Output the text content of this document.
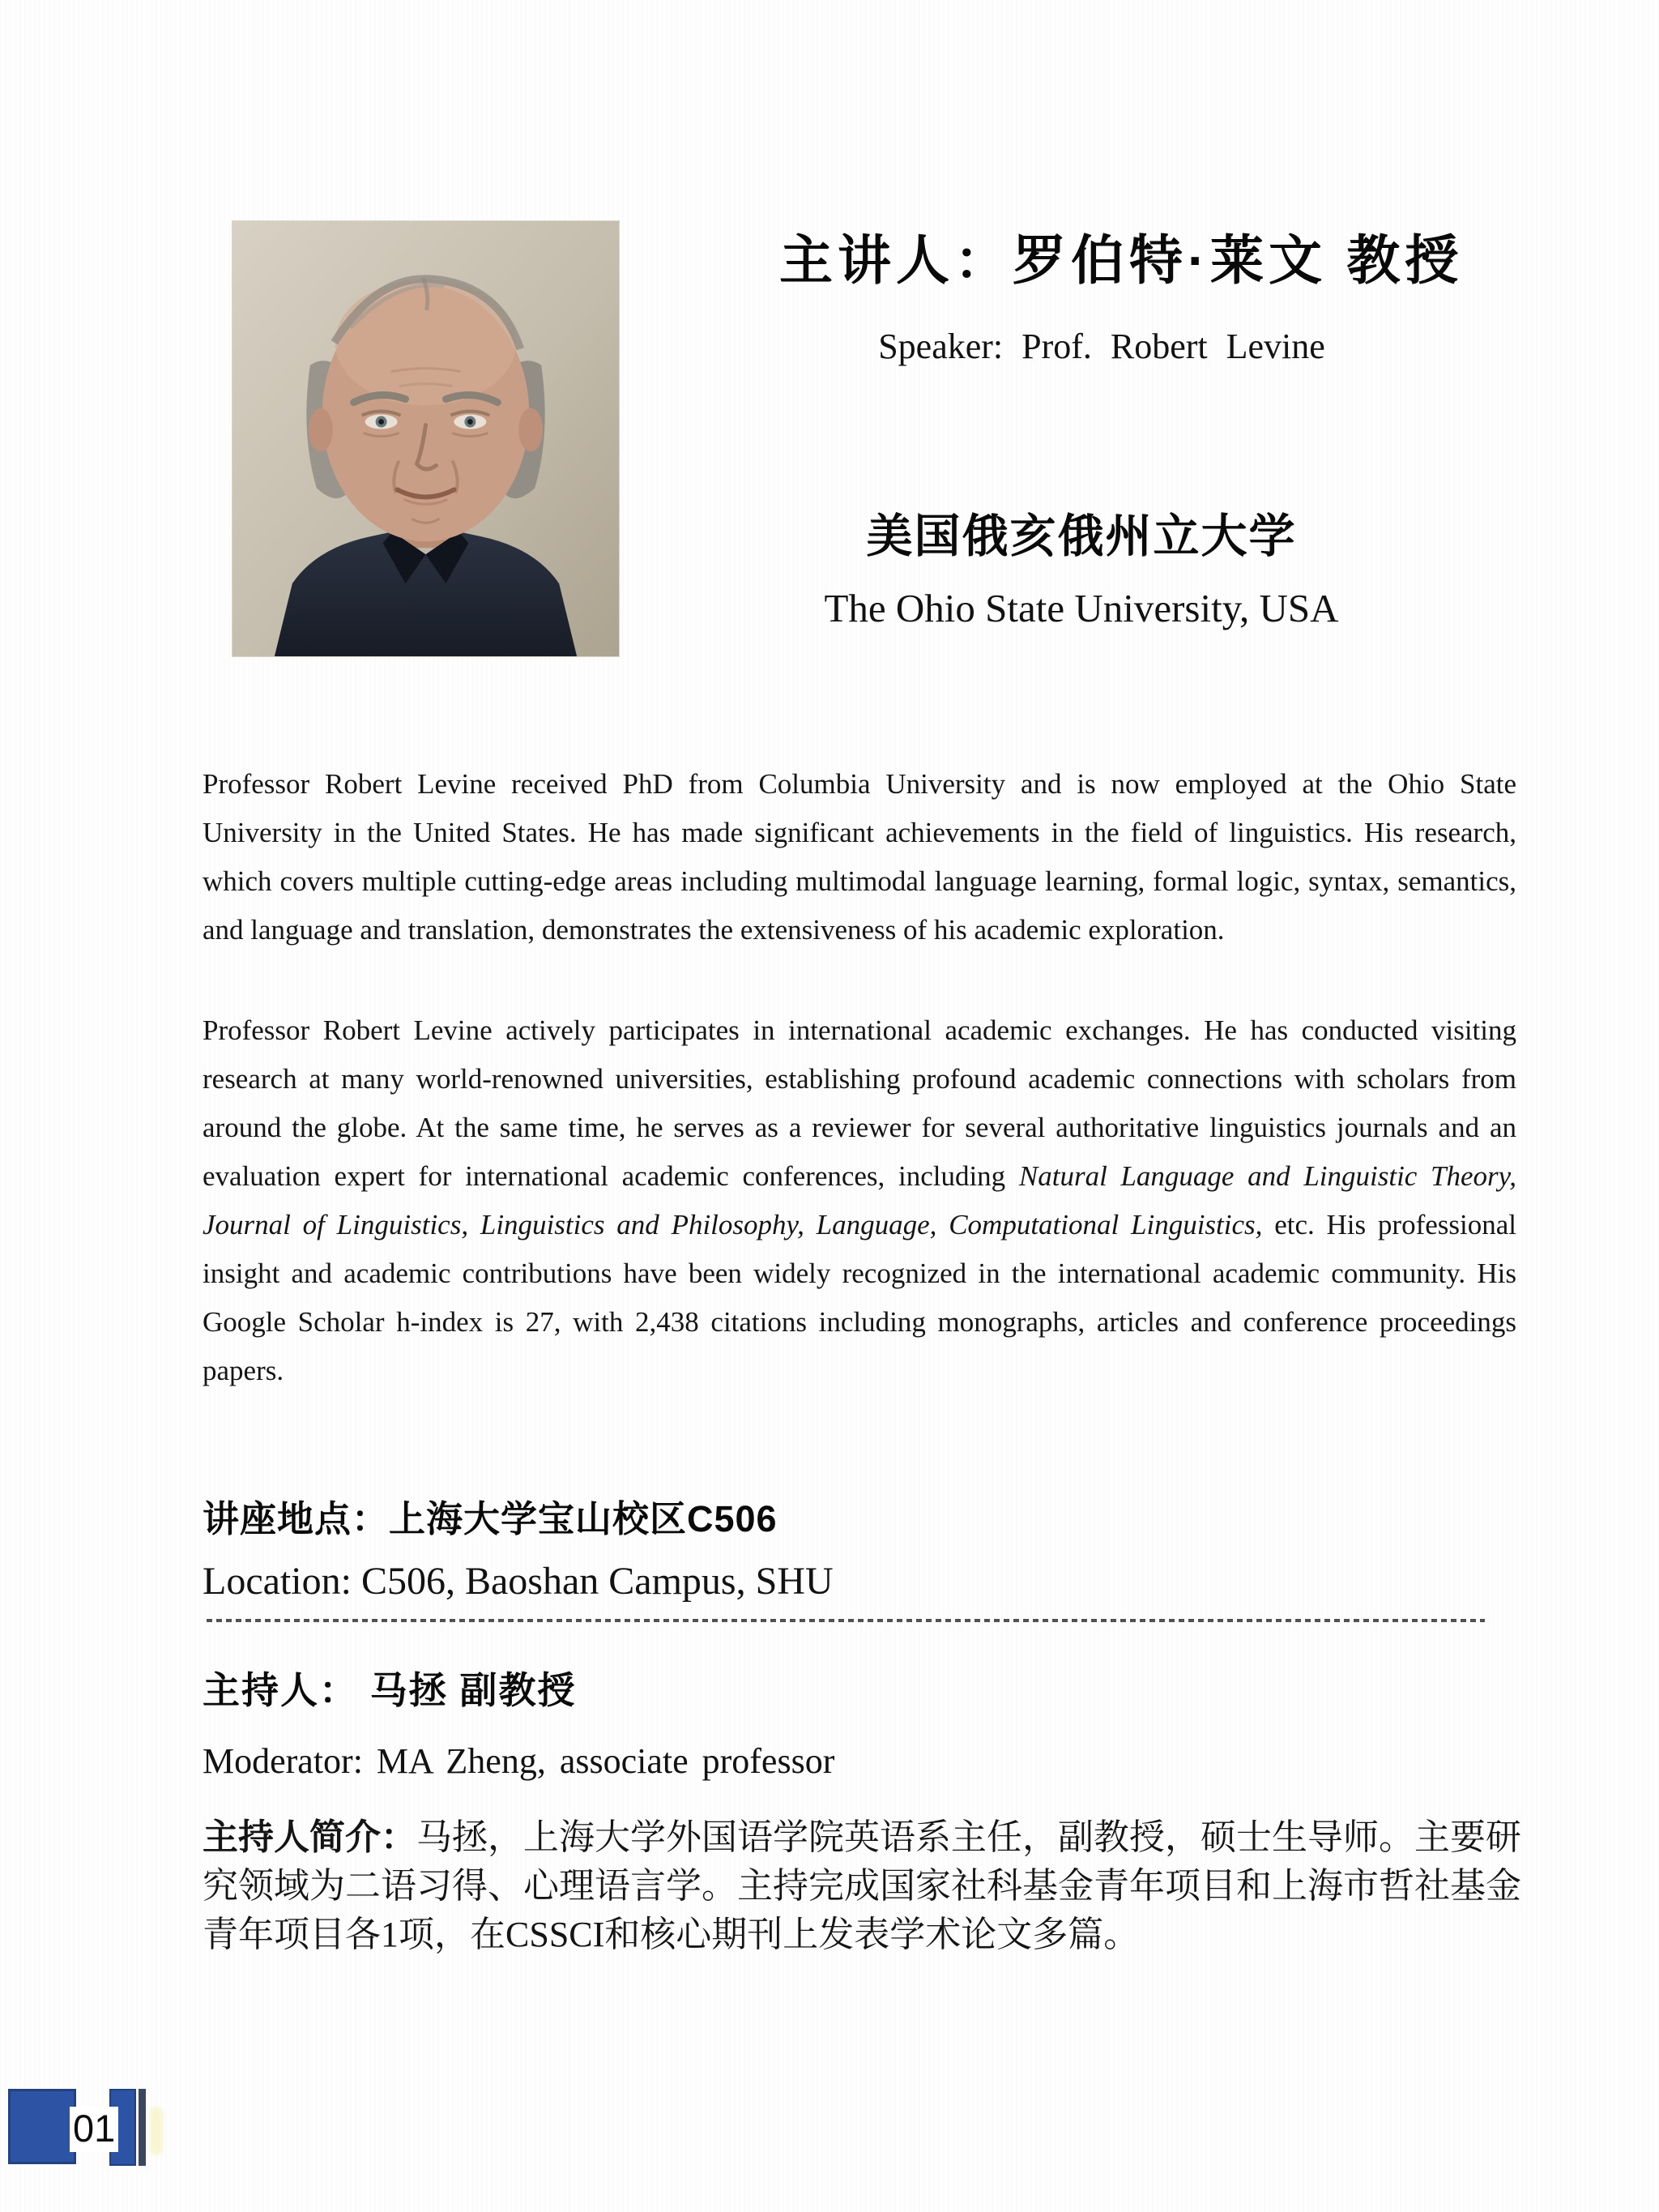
主讲人：罗伯特·莱文 教授
Speaker: Prof. Robert Levine
美国俄亥俄州立大学
The Ohio State University, USA

Professor Robert Levine received PhD from Columbia University and is now employed at the Ohio State University in the United States. He has made significant achievements in the field of linguistics. His research, which covers multiple cutting-edge areas including multimodal language learning, formal logic, syntax, semantics, and language and translation, demonstrates the extensiveness of his academic exploration.

Professor Robert Levine actively participates in international academic exchanges. He has conducted visiting research at many world-renowned universities, establishing profound academic connections with scholars from around the globe. At the same time, he serves as a reviewer for several authoritative linguistics journals and an evaluation expert for international academic conferences, including Natural Language and Linguistic Theory, Journal of Linguistics, Linguistics and Philosophy, Language, Computational Linguistics, etc. His professional insight and academic contributions have been widely recognized in the international academic community. His Google Scholar h-index is 27, with 2,438 citations including monographs, articles and conference proceedings papers.

讲座地点：上海大学宝山校区C506
Location: C506, Baoshan Campus, SHU
主持人： 马拯 副教授
Moderator: MA Zheng, associate professor

主持人简介：马拯，上海大学外国语学院英语系主任，副教授，硕士生导师。主要研究领域为二语习得、心理语言学。主持完成国家社科基金青年项目和上海市哲社基金青年项目各1项，在CSSCI和核心期刊上发表学术论文多篇。

01
